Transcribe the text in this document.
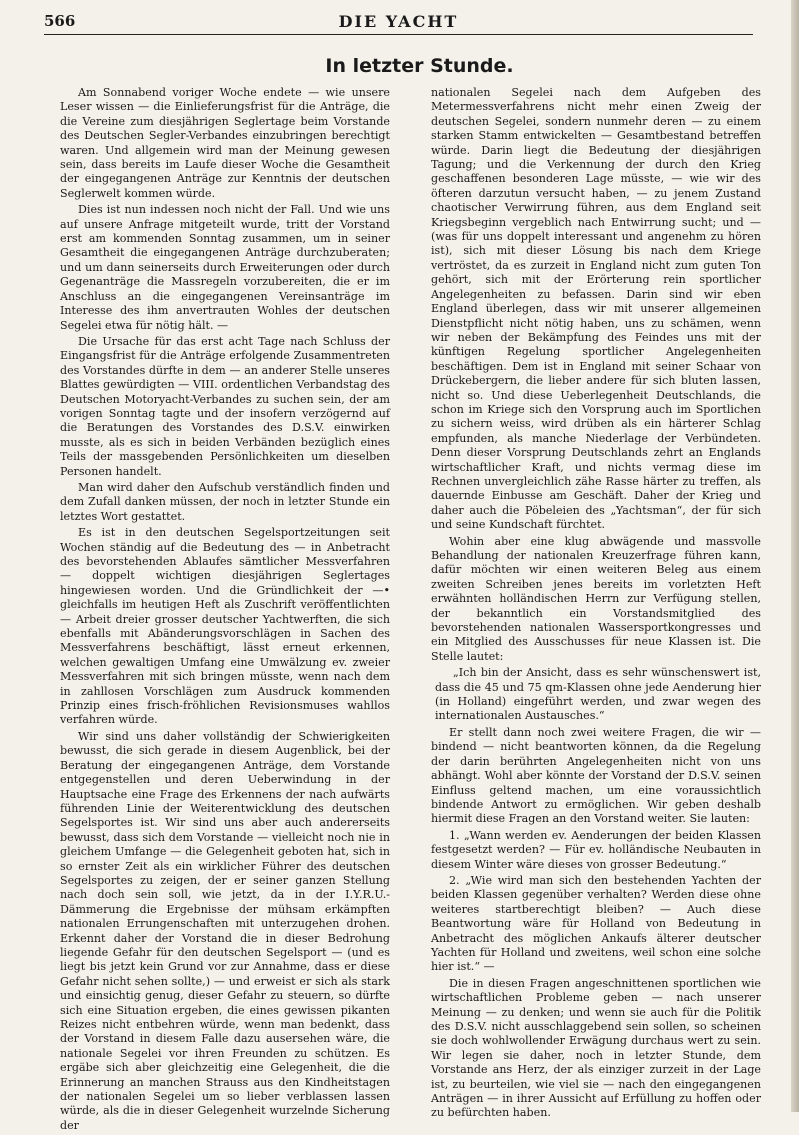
566	DIE YACHT
In letzter Stunde.

Am Sonnabend voriger Woche endete — wie unsere Leser wissen — die Einlieferungsfrist für die Anträge, die die Vereine zum diesjährigen Seglertage beim Vorstande des Deutschen Segler-Verbandes einzubringen berechtigt waren. Und allgemein wird man der Meinung gewesen sein, dass bereits im Laufe dieser Woche die Gesamtheit der eingegangenen Anträge zur Kenntnis der deutschen Seglerwelt kommen würde.

Dies ist nun indessen noch nicht der Fall. Und wie uns auf unsere Anfrage mitgeteilt wurde, tritt der Vorstand erst am kommenden Sonntag zusammen, um in seiner Gesamtheit die eingegangenen Anträge durchzuberaten; und um dann seinerseits durch Erweiterungen oder durch Gegenanträge die Massregeln vorzubereiten, die er im Anschluss an die eingegangenen Vereinsanträge im Interesse des ihm anvertrauten Wohles der deutschen Segelei etwa für nötig hält. —

Die Ursache für das erst acht Tage nach Schluss der Eingangsfrist für die Anträge erfolgende Zusammentreten des Vorstandes dürfte in dem — an anderer Stelle unseres Blattes gewürdigten — VIII. ordentlichen Verbandstag des Deutschen Motoryacht-Verbandes zu suchen sein, der am vorigen Sonntag tagte und der insofern verzögernd auf die Beratungen des Vorstandes des D.S.V. einwirken musste, als es sich in beiden Verbänden bezüglich eines Teils der massgebenden Persönlichkeiten um dieselben Personen handelt.

Man wird daher den Aufschub verständlich finden und dem Zufall danken müssen, der noch in letzter Stunde ein letztes Wort gestattet.

Es ist in den deutschen Segelsportzeitungen seit Wochen ständig auf die Bedeutung des — in Anbetracht des bevorstehenden Ablaufes sämtlicher Messverfahren — doppelt wichtigen diesjährigen Seglertages hingewiesen worden. Und die Gründlichkeit der —• gleichfalls im heutigen Heft als Zuschrift veröffentlichten — Arbeit dreier grosser deutscher Yachtwerften, die sich ebenfalls mit Abänderungsvorschlägen in Sachen des Messverfahrens beschäftigt, lässt erneut erkennen, welchen gewaltigen Umfang eine Umwälzung ev. zweier Messverfahren mit sich bringen müsste, wenn nach dem in zahllosen Vorschlägen zum Ausdruck kommenden Prinzip eines frisch-fröhlichen Revisionsmuses wahllos verfahren würde.

Wir sind uns daher vollständig der Schwierigkeiten bewusst, die sich gerade in diesem Augenblick, bei der Beratung der eingegangenen Anträge, dem Vorstande entgegenstellen und deren Ueberwindung in der Hauptsache eine Frage des Erkennens der nach aufwärts führenden Linie der Weiterentwicklung des deutschen Segelsportes ist. Wir sind uns aber auch andererseits bewusst, dass sich dem Vorstande — vielleicht noch nie in gleichem Umfange — die Gelegenheit geboten hat, sich in so ernster Zeit als ein wirklicher Führer des deutschen Segelsportes zu zeigen, der er seiner ganzen Stellung nach doch sein soll, wie jetzt, da in der I.Y.R.U.-Dämmerung die Ergebnisse der mühsam erkämpften nationalen Errungenschaften mit unterzugehen drohen. Erkennt daher der Vorstand die in dieser Bedrohung liegende Gefahr für den deutschen Segelsport — (und es liegt bis jetzt kein Grund vor zur Annahme, dass er diese Gefahr nicht sehen sollte,) — und erweist er sich als stark und einsichtig genug, dieser Gefahr zu steuern, so dürfte sich eine Situation ergeben, die eines gewissen pikanten Reizes nicht entbehren würde, wenn man bedenkt, dass der Vorstand in diesem Falle dazu ausersehen wäre, die nationale Segelei vor ihren Freunden zu schützen. Es ergäbe sich aber gleichzeitig eine Gelegenheit, die die Erinnerung an manchen Strauss aus den Kindheitstagen der nationalen Segelei um so lieber verblassen lassen würde, als die in dieser Gelegenheit wurzelnde Sicherung der

nationalen Segelei nach dem Aufgeben des Metermessverfahrens nicht mehr einen Zweig der deutschen Segelei, sondern nunmehr deren — zu einem starken Stamm entwickelten — Gesamtbestand betreffen würde. Darin liegt die Bedeutung der diesjährigen Tagung; und die Verkennung der durch den Krieg geschaffenen besonderen Lage müsste, — wie wir des öfteren darzutun versucht haben, — zu jenem Zustand chaotischer Verwirrung führen, aus dem England seit Kriegsbeginn vergeblich nach Entwirrung sucht; und — (was für uns doppelt interessant und angenehm zu hören ist), sich mit dieser Lösung bis nach dem Kriege vertröstet, da es zurzeit in England nicht zum guten Ton gehört, sich mit der Erörterung rein sportlicher Angelegenheiten zu befassen. Darin sind wir eben England überlegen, dass wir mit unserer allgemeinen Dienstpflicht nicht nötig haben, uns zu schämen, wenn wir neben der Bekämpfung des Feindes uns mit der künftigen Regelung sportlicher Angelegenheiten beschäftigen. Dem ist in England mit seiner Schaar von Drückebergern, die lieber andere für sich bluten lassen, nicht so. Und diese Ueberlegenheit Deutschlands, die schon im Kriege sich den Vorsprung auch im Sportlichen zu sichern weiss, wird drüben als ein härterer Schlag empfunden, als manche Niederlage der Verbündeten. Denn dieser Vorsprung Deutschlands zehrt an Englands wirtschaftlicher Kraft, und nichts vermag diese im Rechnen unvergleichlich zähe Rasse härter zu treffen, als dauernde Einbusse am Geschäft. Daher der Krieg und daher auch die Pöbeleien des „Yachtsman“, der für sich und seine Kundschaft fürchtet.

Wohin aber eine klug abwägende und massvolle Behandlung der nationalen Kreuzerfrage führen kann, dafür möchten wir einen weiteren Beleg aus einem zweiten Schreiben jenes bereits im vorletzten Heft erwähnten holländischen Herrn zur Verfügung stellen, der bekanntlich ein Vorstandsmitglied des bevorstehenden nationalen Wassersportkongresses und ein Mitglied des Ausschusses für neue Klassen ist. Die Stelle lautet:

„Ich bin der Ansicht, dass es sehr wünschenswert ist, dass die 45 und 75 qm-Klassen ohne jede Aenderung hier (in Holland) eingeführt werden, und zwar wegen des internationalen Austausches.“

Er stellt dann noch zwei weitere Fragen, die wir — bindend — nicht beantworten können, da die Regelung der darin berührten Angelegenheiten nicht von uns abhängt. Wohl aber könnte der Vorstand der D.S.V. seinen Einfluss geltend machen, um eine voraussichtlich bindende Antwort zu ermöglichen. Wir geben deshalb hiermit diese Fragen an den Vorstand weiter. Sie lauten:

1. „Wann werden ev. Aenderungen der beiden Klassen festgesetzt werden? — Für ev. holländische Neubauten in diesem Winter wäre dieses von grosser Bedeutung.“

2. „Wie wird man sich den bestehenden Yachten der beiden Klassen gegenüber verhalten? Werden diese ohne weiteres startberechtigt bleiben? — Auch diese Beantwortung wäre für Holland von Bedeutung in Anbetracht des möglichen Ankaufs älterer deutscher Yachten für Holland und zweitens, weil schon eine solche hier ist.“ —

Die in diesen Fragen angeschnittenen sportlichen wie wirtschaftlichen Probleme geben — nach unserer Meinung — zu denken; und wenn sie auch für die Politik des D.S.V. nicht ausschlaggebend sein sollen, so scheinen sie doch wohlwollender Erwägung durchaus wert zu sein. Wir legen sie daher, noch in letzter Stunde, dem Vorstande ans Herz, der als einziger zurzeit in der Lage ist, zu beurteilen, wie viel sie — nach den eingegangenen Anträgen — in ihrer Aussicht auf Erfüllung zu hoffen oder zu befürchten haben.
